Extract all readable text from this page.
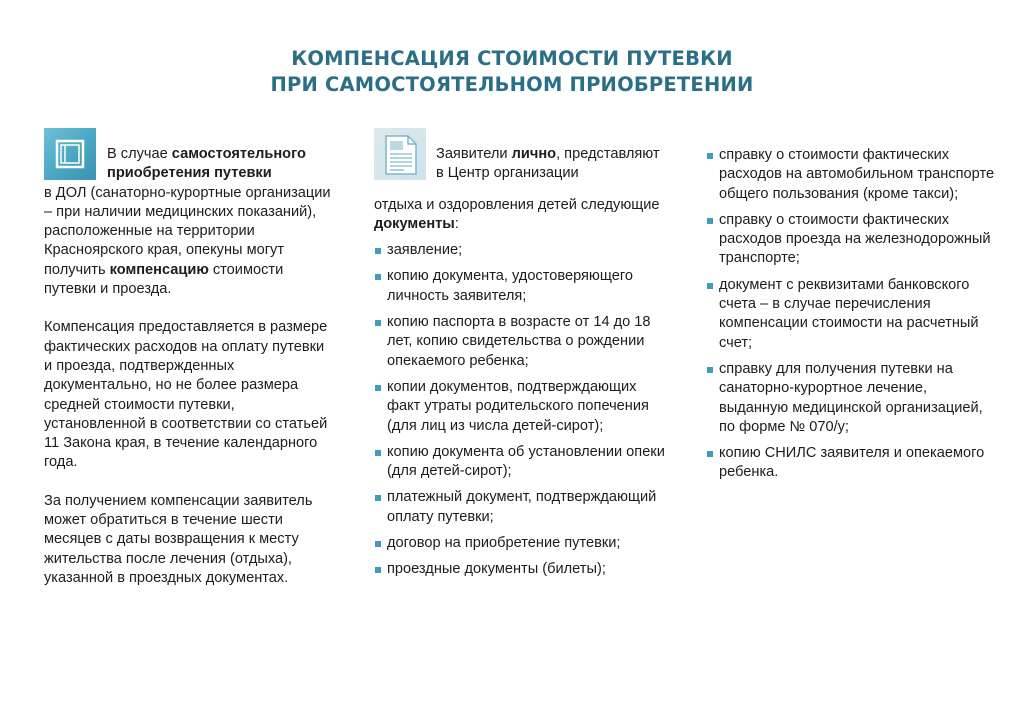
КОМПЕНСАЦИЯ СТОИМОСТИ ПУТЕВКИ
ПРИ САМОСТОЯТЕЛЬНОМ ПРИОБРЕТЕНИИ
В случае самостоятельного приобретения путевки

в ДОЛ (санаторно-курортные организации – при наличии медицинских показаний), расположенные на территории Красноярского края, опекуны могут получить компенсацию стоимости путевки и проезда.

Компенсация предоставляется в размере фактических расходов на оплату путевки и проезда, подтвержденных документально, но не более размера средней стоимости путевки, установленной в соответствии со статьей 11 Закона края, в течение календарного года.

За получением компенсации заявитель может обратиться в течение шести месяцев с даты возвращения к месту жительства после лечения (отдыха), указанной в проездных документах.

Заявители лично, представляют в Центр организации

отдыха и оздоровления детей следующие документы:

заявление;
копию документа, удостоверяющего личность заявителя;
копию паспорта в возрасте от 14 до 18 лет, копию свидетельства о рождении опекаемого ребенка;
копии документов, подтверждающих факт утраты родительского попечения (для лиц из числа детей-сирот);
копию документа об установлении опеки (для детей-сирот);
платежный документ, подтверждающий оплату путевки;
договор на приобретение путевки;
проездные документы (билеты);
справку о стоимости фактических расходов на автомобильном транспорте общего пользования (кроме такси);
справку о стоимости фактических расходов проезда на железнодорожный транспорте;
документ с реквизитами банковского счета – в случае перечисления компенсации стоимости на расчетный счет;
справку для получения путевки на санаторно-курортное лечение, выданную медицинской организацией, по форме № 070/у;
копию СНИЛС заявителя и опекаемого ребенка.
